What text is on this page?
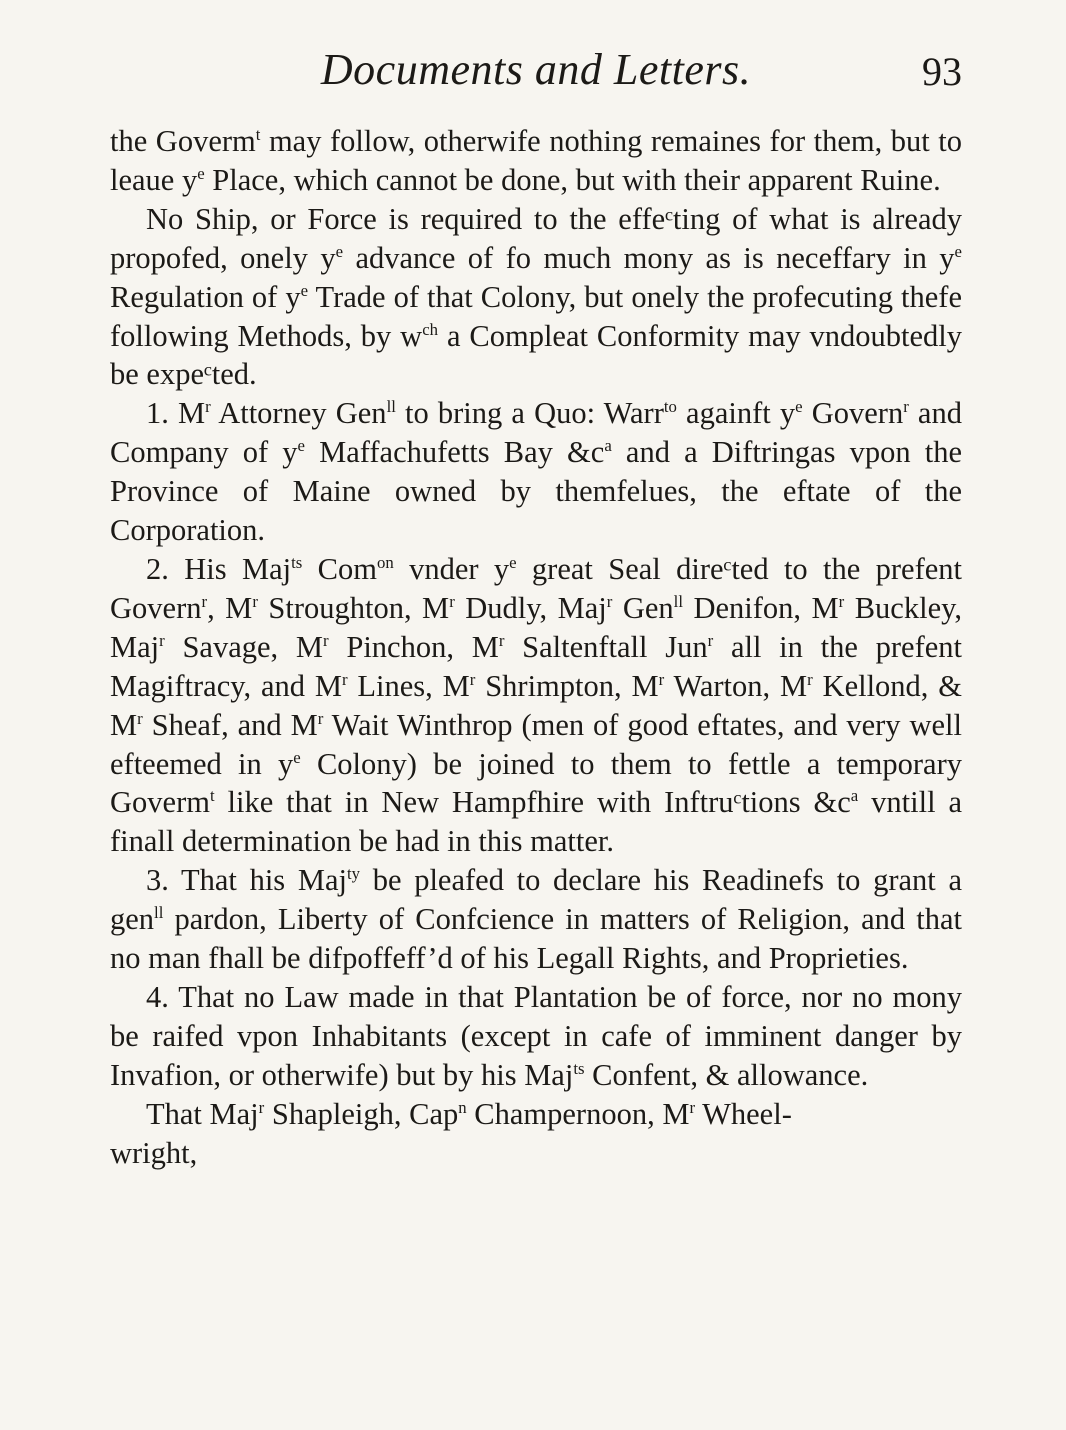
Documents and Letters.	93

the Goverm$^t$ may follow, otherwife nothing remaines for them, but to leaue $y^e$ Place, which cannot be done, but with their apparent Ruine.

No Ship, or Force is required to the effeᶜting of what is already propofed, onely $y^e$ advance of fo much mony as is neceffary in $y^e$ Regulation of $y^e$ Trade of that Colony, but onely the profecuting thefe following Methods, by $w^{ch}$ a Compleat Conformity may vndoubtedly be expeᶜted.

1. $M^r$ Attorney Gen$^{ll}$ to bring a Quo: Warr$^{to}$ againft $y^e$ Govern$^r$ and Company of $y^e$ Maffachufetts Bay $\&c^a$ and a Diftringas vpon the Province of Maine owned by themfelues, the eftate of the Corporation.

2. His Maj$^{ts}$ Com$^{on}$ vnder $y^e$ great Seal direᶜted to the prefent Govern$^r$, $M^r$ Stroughton, $M^r$ Dudly, Maj$^r$ Gen$^{ll}$ Denifon, $M^r$ Buckley, Maj$^r$ Savage, $M^r$ Pinchon, $M^r$ Saltenftall Jun$^r$ all in the prefent Magiftracy, and $M^r$ Lines, $M^r$ Shrimpton, $M^r$ Warton, $M^r$ Kellond, & $M^r$ Sheaf, and $M^r$ Wait Winthrop (men of good eftates, and very well efteemed in $y^e$ Colony) be joined to them to fettle a temporary Goverm$^t$ like that in New Hampfhire with Inftruᶜtions $\&c^a$ vntill a finall determination be had in this matter.

3. That his Maj$^{ty}$ be pleafed to declare his Readinefs to grant a gen$^{ll}$ pardon, Liberty of Confcience in matters of Religion, and that no man fhall be difpoffeff’d of his Legall Rights, and Proprieties.

4. That no Law made in that Plantation be of force, nor no mony be raifed vpon Inhabitants (except in cafe of imminent danger by Invafion, or otherwife) but by his Maj$^{ts}$ Confent, & allowance.

That Maj$^r$ Shapleigh, Cap$^n$ Champernoon, $M^r$ Wheel-

wright,
